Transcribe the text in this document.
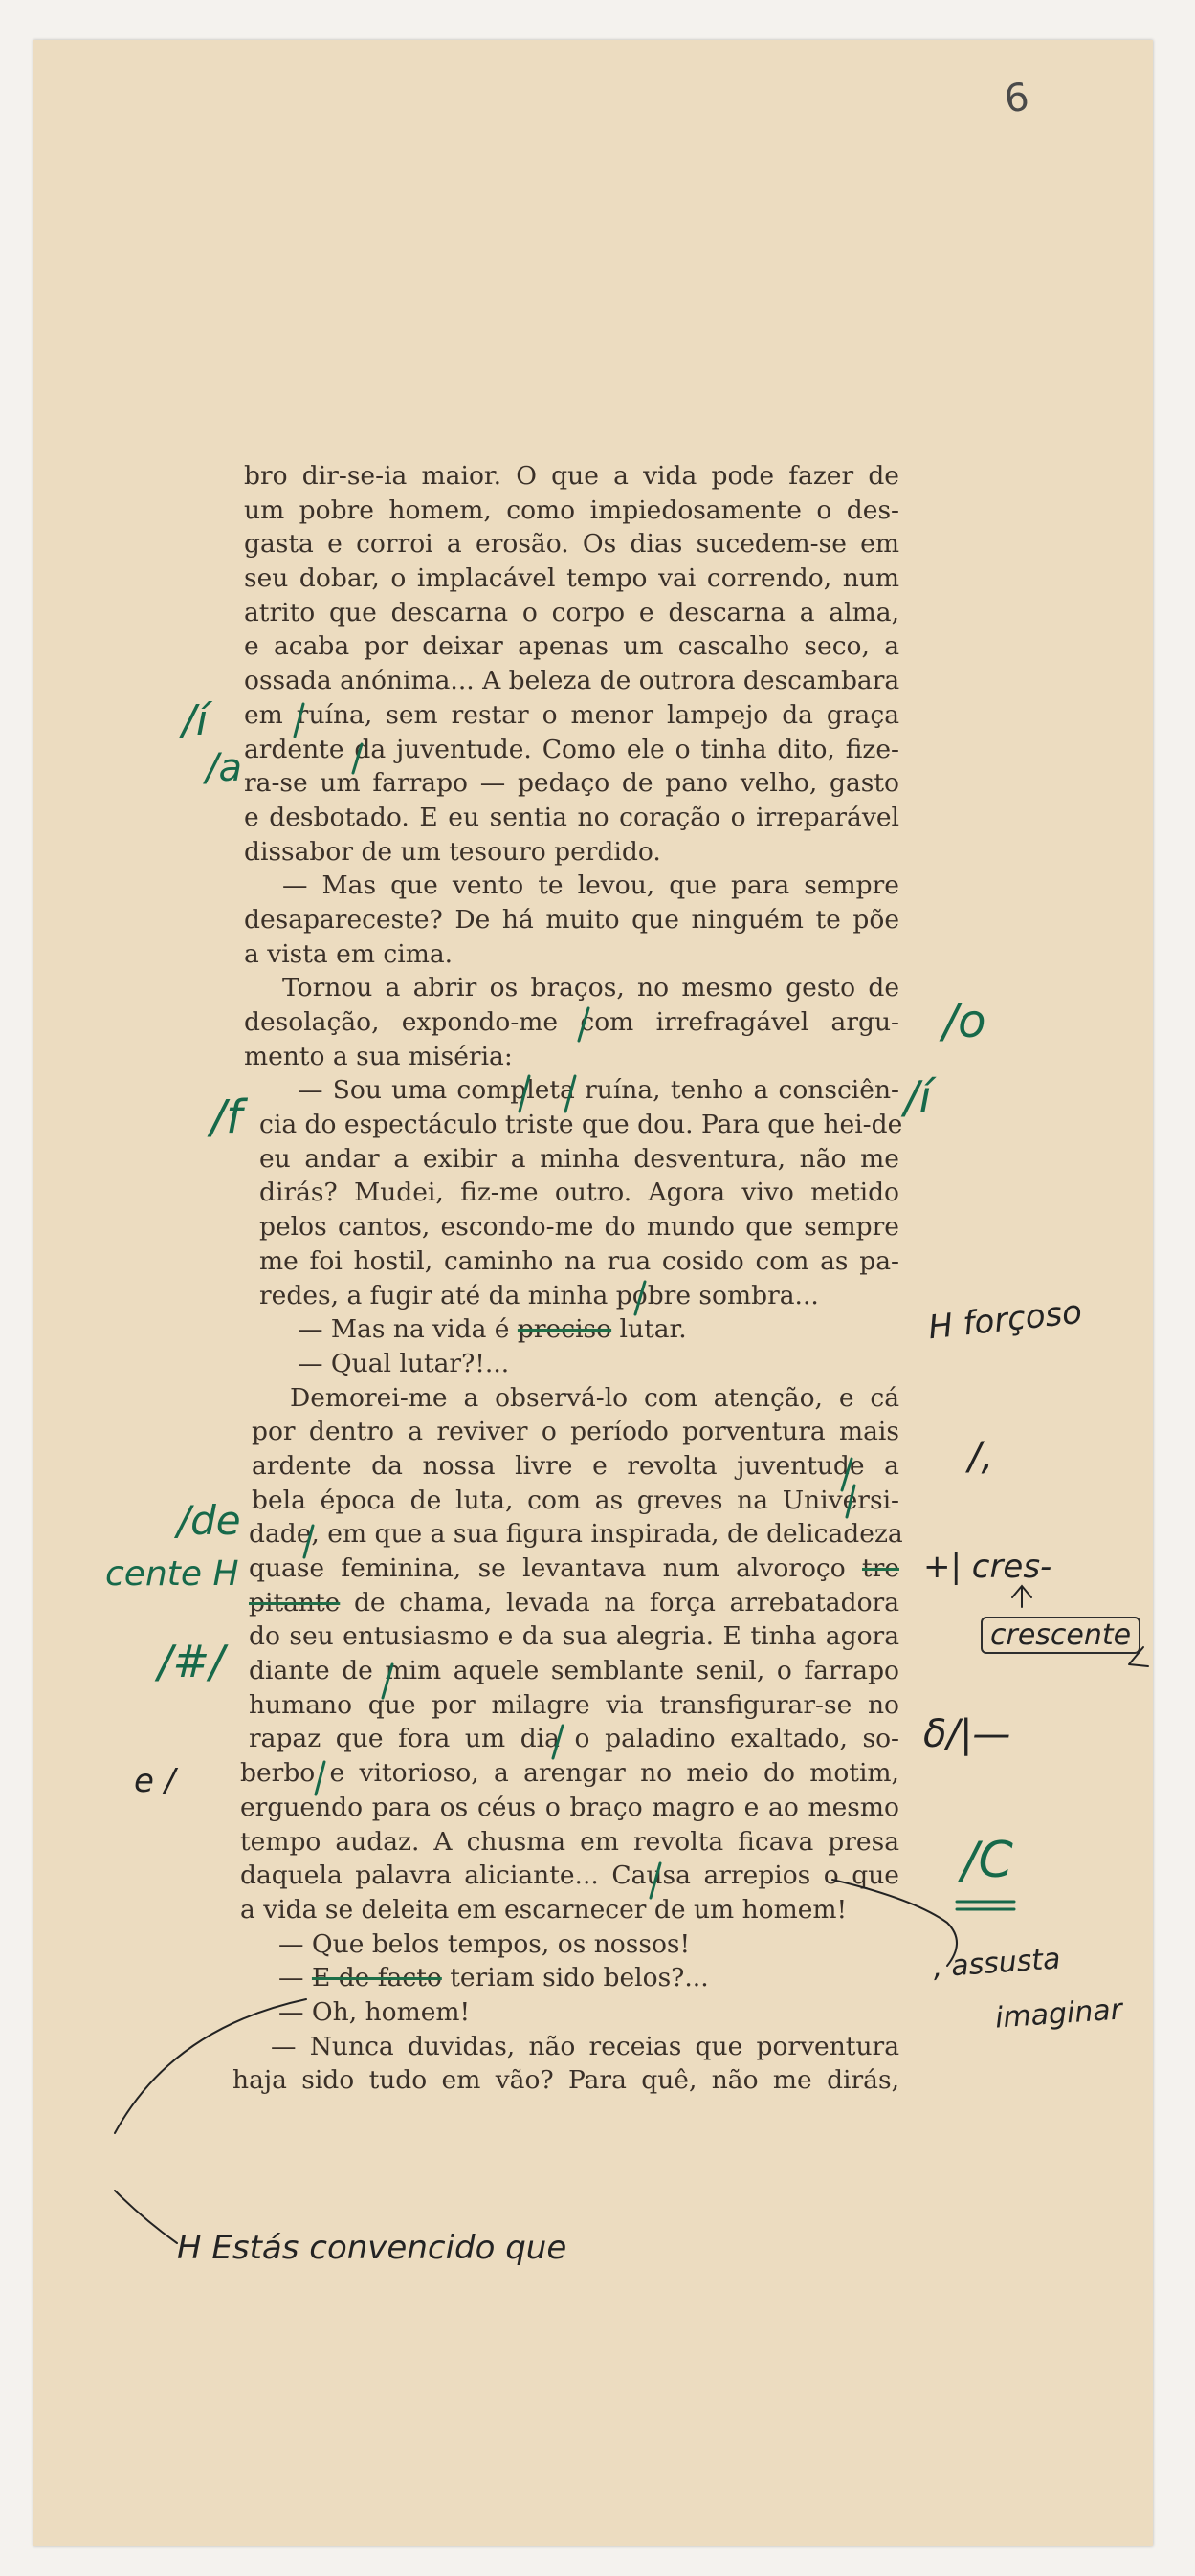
6
bro dir-se-ia maior. O que a vida pode fazer de
um pobre homem, como impiedosamente o des-
gasta e corroi a erosão. Os dias sucedem-se em
seu dobar, o implacável tempo vai correndo, num
atrito que descarna o corpo e descarna a alma,
e acaba por deixar apenas um cascalho seco, a
ossada anónima... A beleza de outrora descambara
em ruína, sem restar o menor lampejo da graça
ardente da juventude. Como ele o tinha dito, fize-
ra-se um farrapo — pedaço de pano velho, gasto
e desbotado. E eu sentia no coração o irreparável
dissabor de um tesouro perdido.
— Mas que vento te levou, que para sempre
desapareceste? De há muito que ninguém te põe
a vista em cima.
Tornou a abrir os braços, no mesmo gesto de
desolação, expondo-me com irrefragável argu-
mento a sua miséria:
— Sou uma completa ruína, tenho a consciên-
cia do espectáculo triste que dou. Para que hei-de
eu andar a exibir a minha desventura, não me
dirás? Mudei, fiz-me outro. Agora vivo metido
pelos cantos, escondo-me do mundo que sempre
me foi hostil, caminho na rua cosido com as pa-
redes, a fugir até da minha pobre sombra...
— Mas na vida é preciso lutar.
— Qual lutar?!...
Demorei-me a observá-lo com atenção, e cá
por dentro a reviver o período porventura mais
ardente da nossa livre e revolta juventude a
bela época de luta, com as greves na Universi-
dade, em que a sua figura inspirada, de delicadeza
quase feminina, se levantava num alvoroço tre
pitante de chama, levada na força arrebatadora
do seu entusiasmo e da sua alegria. E tinha agora
diante de mim aquele semblante senil, o farrapo
humano que por milagre via transfigurar-se no
rapaz que fora um dia o paladino exaltado, so-
berbo e vitorioso, a arengar no meio do motim,
erguendo para os céus o braço magro e ao mesmo
tempo audaz. A chusma em revolta ficava presa
daquela palavra aliciante... Causa arrepios o que
a vida se deleita em escarnecer de um homem!
— Que belos tempos, os nossos!
— E de facto teriam sido belos?...
— Oh, homem!
— Nunca duvidas, não receias que porventura
haja sido tudo em vão? Para quê, não me dirás,
/í
/a
/f
/de
cente H
/#/
e /
H Estás convencido que
/o
/í
H forçoso
/,
+| cres-
crescente
δ/|—
/C
, assusta
imaginar
